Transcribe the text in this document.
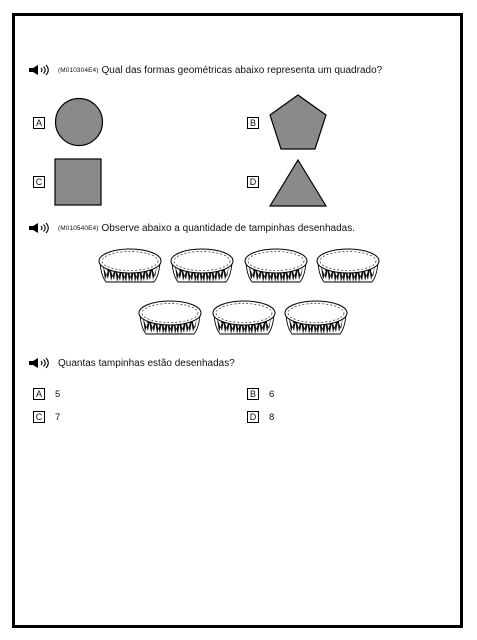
(M010304E4) Qual das formas geométricas abaixo representa um quadrado?
A	B
C	D
(M010540E4) Observe abaixo a quantidade de tampinhas desenhadas.
Quantas tampinhas estão desenhadas?
A	5	B	6
C 7	D 8
